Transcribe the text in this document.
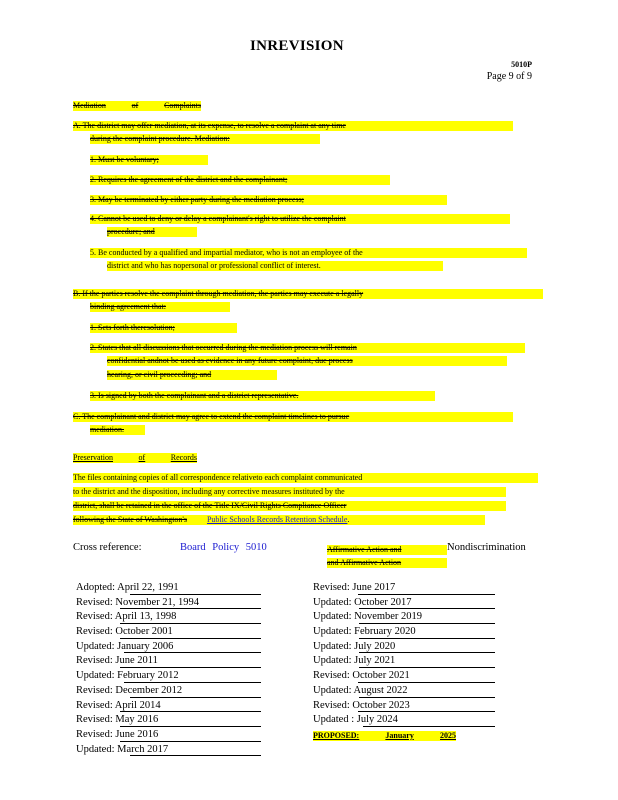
INREVISION
5010P
Page 9 of 9
Mediation	of	Complaints
A. The district may offer mediation, at its expense, to resolve a complaint at any time
during the complaint procedure. Mediation:
1. Must be voluntary;
2. Requires the agreement of the district and the complainant;
3. May be terminated by either party during the mediation process;
4. Cannot be used to deny or delay a complainant's right to utilize the complaint
procedure; and
5. Be conducted by a qualified and impartial mediator, who is not an employee of the
district and who has nopersonal or professional conflict of interest.
B. If the parties resolve the complaint through mediation, the parties may execute a legally
binding agreement that:
1. Sets forth theresolution;
2. States that all discussions that occurred during the mediation process will remain
confidential andnot be used as evidence in any future complaint, due process
hearing, or civil proceeding; and
3. Is signed by both the complainant and a district representative.
C. The complainant and district may agree to extend the complaint timelines to pursue
mediation.
Preservation	of	Records
The files containing copies of all correspondence relativeto each complaint communicated
to the district and the disposition, including any corrective measures instituted by the
district, shall be retained in the office of the Title IX/Civil Rights Compliance Officer
following the State of Washington's	Public Schools Records Retention Schedule.
Cross reference:	Board Policy 5010	Affirmative Action and	Nondiscrimination
and Affirmative Action
Adopted: April 22, 1991
Revised: November 21, 1994
Revised: April 13, 1998
Revised: October 2001
Updated: January 2006
Revised: June 2011
Updated: February 2012
Revised: December 2012
Revised: April 2014
Revised: May 2016
Revised: June 2016
Updated: March 2017
Revised: June 2017
Updated: October 2017
Updated: November 2019
Updated: February 2020
Updated: July 2020
Updated: July 2021
Revised: October 2021
Updated: August 2022
Revised: October 2023
Updated : July 2024
PROPOSED:	January	2025
